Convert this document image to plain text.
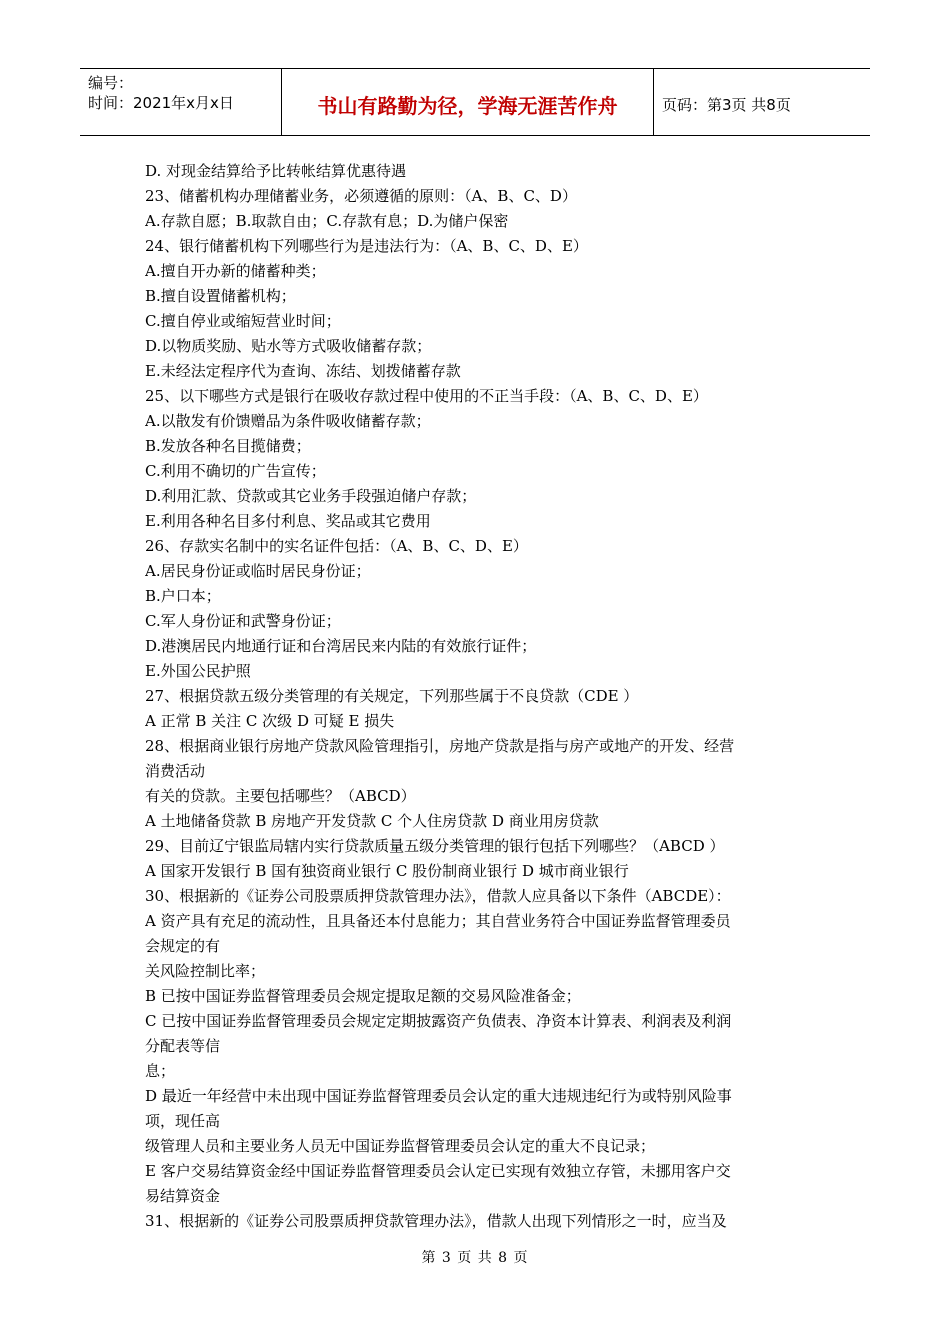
编号：
时间：2021年x月x日	书山有路勤为径，学海无涯苦作舟	页码：第3页 共8页
D. 对现金结算给予比转帐结算优惠待遇
23、储蓄机构办理储蓄业务，必须遵循的原则：（A、B、C、D）
A.存款自愿；B.取款自由；C.存款有息；D.为储户保密
24、银行储蓄机构下列哪些行为是违法行为：（A、B、C、D、E）
A.擅自开办新的储蓄种类；
B.擅自设置储蓄机构；
C.擅自停业或缩短营业时间；
D.以物质奖励、贴水等方式吸收储蓄存款；
E.未经法定程序代为查询、冻结、划拨储蓄存款
25、以下哪些方式是银行在吸收存款过程中使用的不正当手段：（A、B、C、D、E）
A.以散发有价馈赠品为条件吸收储蓄存款；
B.发放各种名目揽储费；
C.利用不确切的广告宣传；
D.利用汇款、贷款或其它业务手段强迫储户存款；
E.利用各种名目多付利息、奖品或其它费用
26、存款实名制中的实名证件包括：（A、B、C、D、E）
A.居民身份证或临时居民身份证；
B.户口本；
C.军人身份证和武警身份证；
D.港澳居民内地通行证和台湾居民来内陆的有效旅行证件；
E.外国公民护照
27、根据贷款五级分类管理的有关规定，下列那些属于不良贷款（CDE ）
A 正常 B 关注 C 次级 D 可疑 E 损失
28、根据商业银行房地产贷款风险管理指引，房地产贷款是指与房产或地产的开发、经营
消费活动
有关的贷款。主要包括哪些？（ABCD）
A 土地储备贷款 B 房地产开发贷款 C 个人住房贷款 D 商业用房贷款
29、目前辽宁银监局辖内实行贷款质量五级分类管理的银行包括下列哪些？（ABCD ）
A 国家开发银行 B 国有独资商业银行 C 股份制商业银行 D 城市商业银行
30、根据新的《证券公司股票质押贷款管理办法》，借款人应具备以下条件（ABCDE）：
A 资产具有充足的流动性，且具备还本付息能力；其自营业务符合中国证券监督管理委员
会规定的有
关风险控制比率；
B 已按中国证券监督管理委员会规定提取足额的交易风险准备金；
C 已按中国证券监督管理委员会规定定期披露资产负债表、净资本计算表、利润表及利润
分配表等信
息；
D 最近一年经营中未出现中国证券监督管理委员会认定的重大违规违纪行为或特别风险事
项，现任高
级管理人员和主要业务人员无中国证券监督管理委员会认定的重大不良记录；
E 客户交易结算资金经中国证券监督管理委员会认定已实现有效独立存管，未挪用客户交
易结算资金
31、根据新的《证券公司股票质押贷款管理办法》，借款人出现下列情形之一时，应当及
第 3 页 共 8 页
